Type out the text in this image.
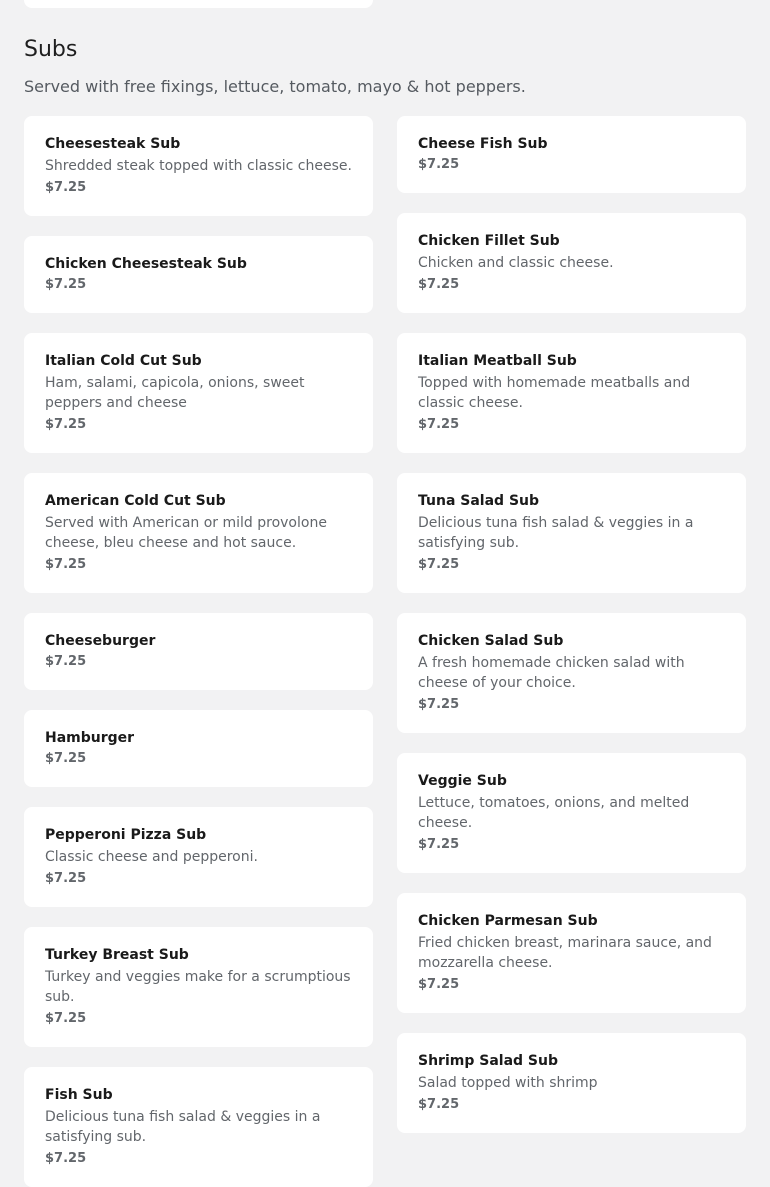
Subs

Served with free fixings, lettuce, tomato, mayo & hot peppers.

Cheesesteak Sub
Shredded steak topped with classic cheese.
$7.25
Chicken Cheesesteak Sub
$7.25
Italian Cold Cut Sub
Ham, salami, capicola, onions, sweet peppers and cheese
$7.25
American Cold Cut Sub
Served with American or mild provolone cheese, bleu cheese and hot sauce.
$7.25
Cheeseburger
$7.25
Hamburger
$7.25
Pepperoni Pizza Sub
Classic cheese and pepperoni.
$7.25
Turkey Breast Sub
Turkey and veggies make for a scrumptious sub.
$7.25
Fish Sub
Delicious tuna fish salad & veggies in a satisfying sub.
$7.25
Cheese Fish Sub
$7.25
Chicken Fillet Sub
Chicken and classic cheese.
$7.25
Italian Meatball Sub
Topped with homemade meatballs and classic cheese.
$7.25
Tuna Salad Sub
Delicious tuna fish salad & veggies in a satisfying sub.
$7.25
Chicken Salad Sub
A fresh homemade chicken salad with cheese of your choice.
$7.25
Veggie Sub
Lettuce, tomatoes, onions, and melted cheese.
$7.25
Chicken Parmesan Sub
Fried chicken breast, marinara sauce, and mozzarella cheese.
$7.25
Shrimp Salad Sub
Salad topped with shrimp
$7.25
